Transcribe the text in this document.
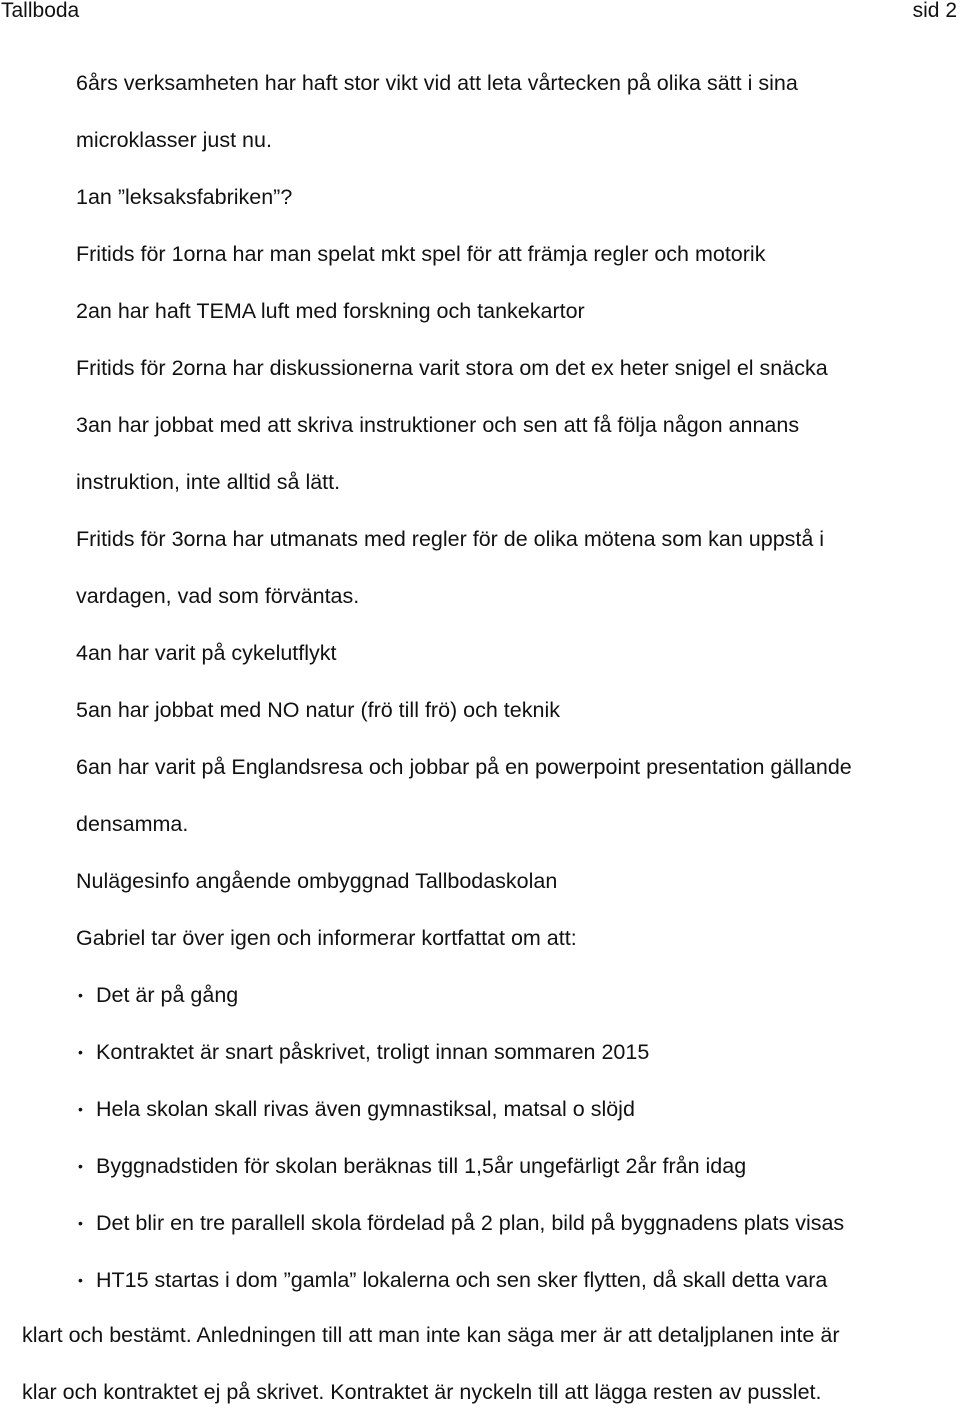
Tallboda	sid 2
6års verksamheten har haft stor vikt vid att leta vårtecken på olika sätt i sina
microklasser just nu.
1an ”leksaksfabriken”?
Fritids för 1orna har man spelat mkt spel för att främja regler och motorik
2an har haft TEMA luft med forskning och tankekartor
Fritids för 2orna har diskussionerna varit stora om det ex heter snigel el snäcka
3an har jobbat med att skriva instruktioner och sen att få följa någon annans
instruktion, inte alltid så lätt.
Fritids för 3orna har utmanats med regler för de olika mötena som kan uppstå i
vardagen, vad som förväntas.
4an har varit på cykelutflykt
5an har jobbat med NO natur (frö till frö) och teknik
6an har varit på Englandsresa och jobbar på en powerpoint presentation gällande
densamma.
Nulägesinfo angående ombyggnad Tallbodaskolan
Gabriel tar över igen och informerar kortfattat om att:
• Det är på gång
• Kontraktet är snart påskrivet, troligt innan sommaren 2015
• Hela skolan skall rivas även gymnastiksal, matsal o slöjd
• Byggnadstiden för skolan beräknas till 1,5år ungefärligt 2år från idag
• Det blir en tre parallell skola fördelad på 2 plan, bild på byggnadens plats visas
• HT15 startas i dom ”gamla” lokalerna och sen sker flytten, då skall detta vara
klart och bestämt. Anledningen till att man inte kan säga mer är att detaljplanen inte är
klar och kontraktet ej på skrivet. Kontraktet är nyckeln till att lägga resten av pusslet.
